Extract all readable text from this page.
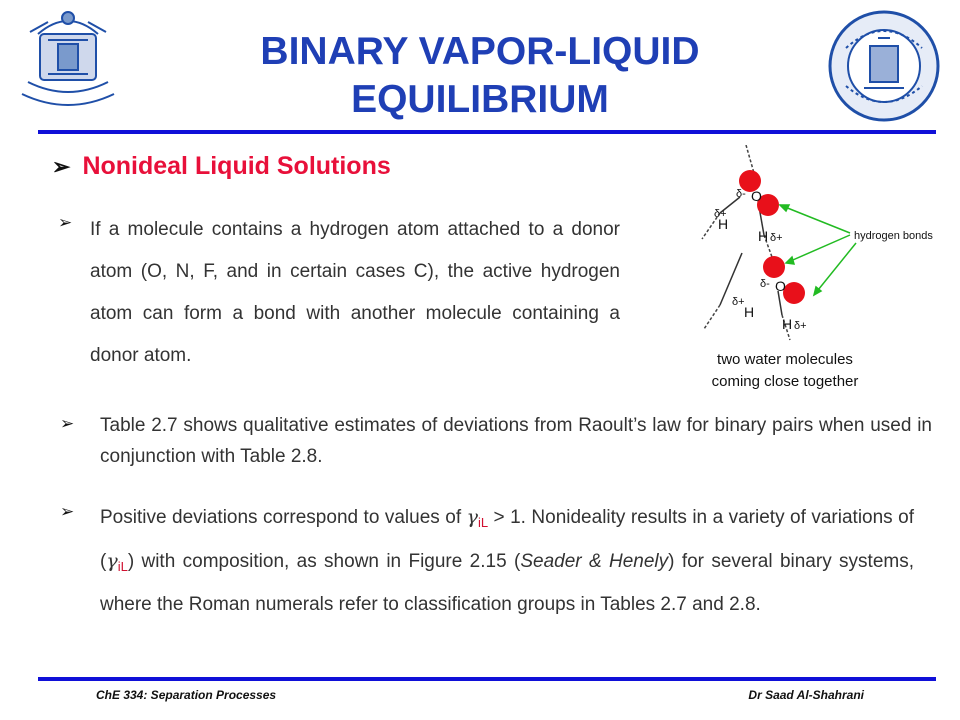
BINARY VAPOR-LIQUID
EQUILIBRIUM
➢ Nonideal Liquid Solutions
➢ If a molecule contains a hydrogen atom attached to a donor atom (O, N, F, and in certain cases C), the active hydrogen atom can form a bond with another molecule containing a donor atom.
O
δ-
δ+
H
H δ+
O
δ-
δ+
H
H δ+
hydrogen bonds
two water molecules
coming close together
➢ Table 2.7 shows qualitative estimates of deviations from Raoult’s law for binary pairs when used in conjunction with Table 2.8.
➢ Positive deviations correspond to values of $\gamma_{iL} > 1$. Nonideality results in a variety of variations of $(\gamma_{iL})$ with composition, as shown in Figure 2.15 (Seader & Henely) for several binary systems, where the Roman numerals refer to classification groups in Tables 2.7 and 2.8.
ChE 334: Separation Processes	Dr Saad Al-Shahrani
